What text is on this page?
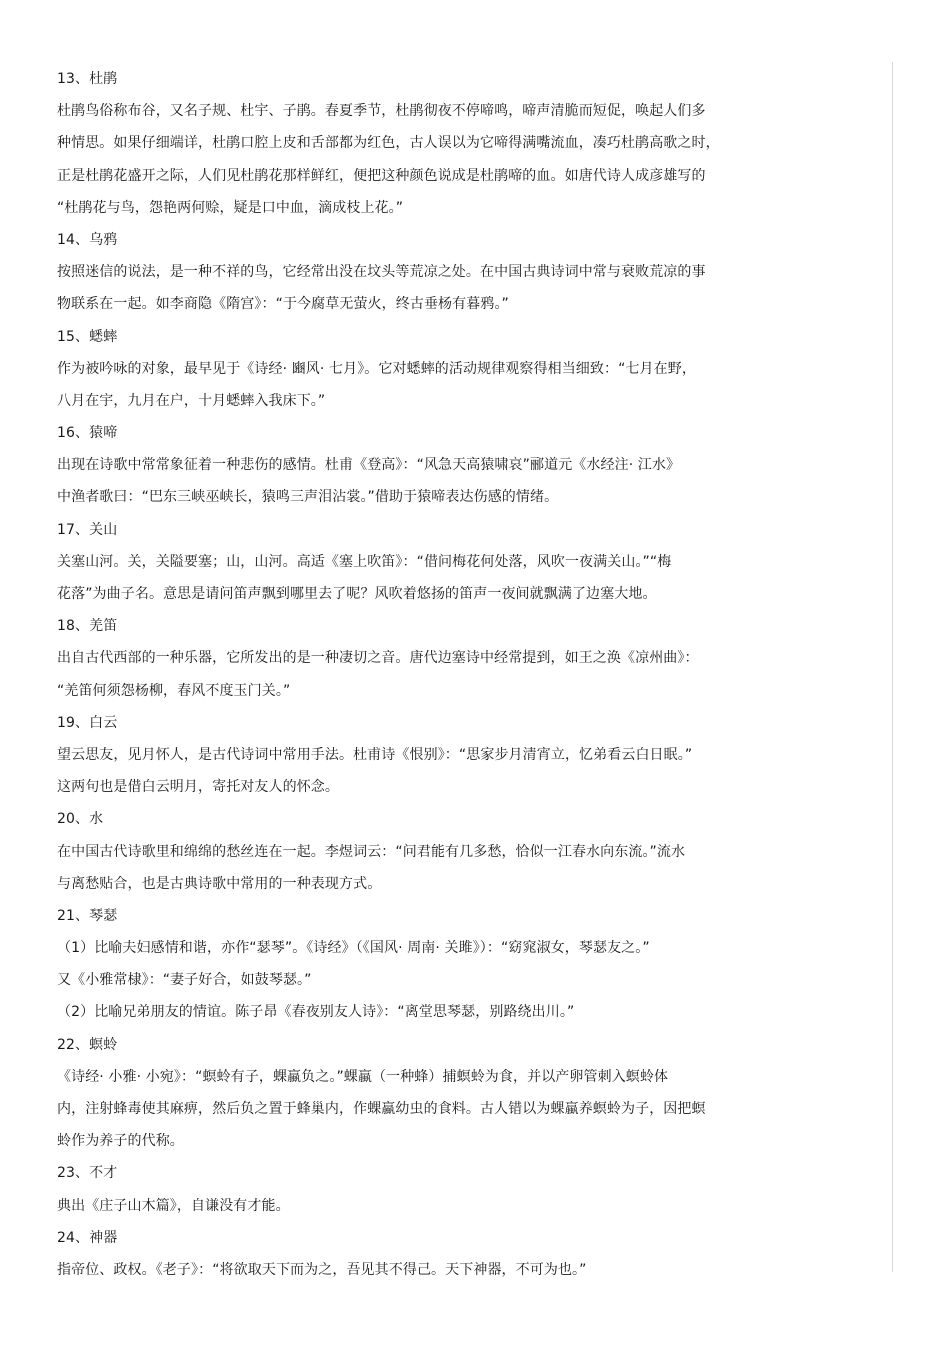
13、杜鹃
杜鹃鸟俗称布谷，又名子规、杜宇、子鹃。春夏季节，杜鹃彻夜不停啼鸣，啼声清脆而短促，唤起人们多
种情思。如果仔细端详，杜鹃口腔上皮和舌部都为红色，古人误以为它啼得满嘴流血，凑巧杜鹃高歌之时，
正是杜鹃花盛开之际，人们见杜鹃花那样鲜红，便把这种颜色说成是杜鹃啼的血。如唐代诗人成彦雄写的
“杜鹃花与鸟，怨艳两何赊，疑是口中血，滴成枝上花。”
14、乌鸦
按照迷信的说法，是一种不祥的鸟，它经常出没在坟头等荒凉之处。在中国古典诗词中常与衰败荒凉的事
物联系在一起。如李商隐《隋宫》：“于今腐草无萤火，终古垂杨有暮鸦。”
15、蟋蟀
作为被吟咏的对象，最早见于《诗经· 豳风· 七月》。它对蟋蟀的活动规律观察得相当细致：“七月在野，
八月在宇，九月在户，十月蟋蟀入我床下。”
16、猿啼
出现在诗歌中常常象征着一种悲伤的感情。杜甫《登高》：“风急天高猿啸哀”郦道元《水经注· 江水》
中渔者歌曰：“巴东三峡巫峡长，猿鸣三声泪沾裳。”借助于猿啼表达伤感的情绪。
17、关山
关塞山河。关，关隘要塞；山，山河。高适《塞上吹笛》：“借问梅花何处落，风吹一夜满关山。”“梅
花落”为曲子名。意思是请问笛声飘到哪里去了呢？风吹着悠扬的笛声一夜间就飘满了边塞大地。
18、羌笛
出自古代西部的一种乐器，它所发出的是一种凄切之音。唐代边塞诗中经常提到，如王之涣《凉州曲》：
“羌笛何须怨杨柳，春风不度玉门关。”
19、白云
望云思友，见月怀人，是古代诗词中常用手法。杜甫诗《恨别》：“思家步月清宵立，忆弟看云白日眠。”
这两句也是借白云明月，寄托对友人的怀念。
20、水
在中国古代诗歌里和绵绵的愁丝连在一起。李煜词云：“问君能有几多愁，恰似一江春水向东流。”流水
与离愁贴合，也是古典诗歌中常用的一种表现方式。
21、琴瑟
（1）比喻夫妇感情和谐，亦作“瑟琴”。《诗经》（《国风· 周南· 关雎》）：“窈窕淑女，琴瑟友之。”
又《小雅常棣》：“妻子好合，如鼓琴瑟。”
（2）比喻兄弟朋友的情谊。陈子昂《春夜别友人诗》：“离堂思琴瑟，别路绕出川。”
22、螟蛉
《诗经· 小雅· 小宛》：“螟蛉有子，蜾蠃负之。”蜾蠃（一种蜂）捕螟蛉为食，并以产卵管刺入螟蛉体
内，注射蜂毒使其麻痹，然后负之置于蜂巢内，作蜾蠃幼虫的食料。古人错以为蜾蠃养螟蛉为子，因把螟
蛉作为养子的代称。
23、不才
典出《庄子山木篇》，自谦没有才能。
24、神器
指帝位、政权。《老子》：“将欲取天下而为之，吾见其不得己。天下神器，不可为也。”
